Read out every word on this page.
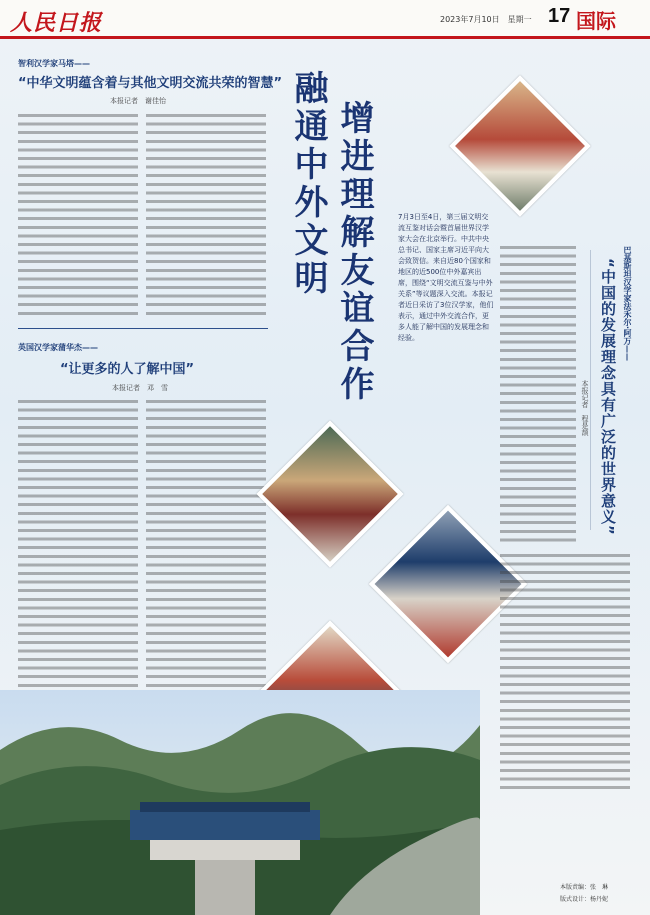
人民日报	2023年7月10日　星期一 17 国际
智利汉学家马塔——
“中华文明蕴含着与其他文明交流共荣的智慧”
本报记者　谢佳怡
英国汉学家蒲华杰——
“让更多的人了解中国”
本报记者　邓　雪	增进理解友谊合作
融通中外文明	7月3日至4日，第三届文明交流互鉴对话会暨首届世界汉学家大会在北京举行。中共中央总书记、国家主席习近平向大会致贺信。来自近80个国家和地区的近500位中外嘉宾出席，围绕“文明交流互鉴与中外关系”等议题深入交流。本报记者近日采访了3位汉学家，他们表示，通过中外交流合作，更多人能了解中国的发展理念和经验。	巴基斯坦汉学家法禾尔·阿万——
“中国的发展理念具有广泛的世界意义”
本报记者　程是颉
本版责编：张　琳
版式设计：杨丹妮
